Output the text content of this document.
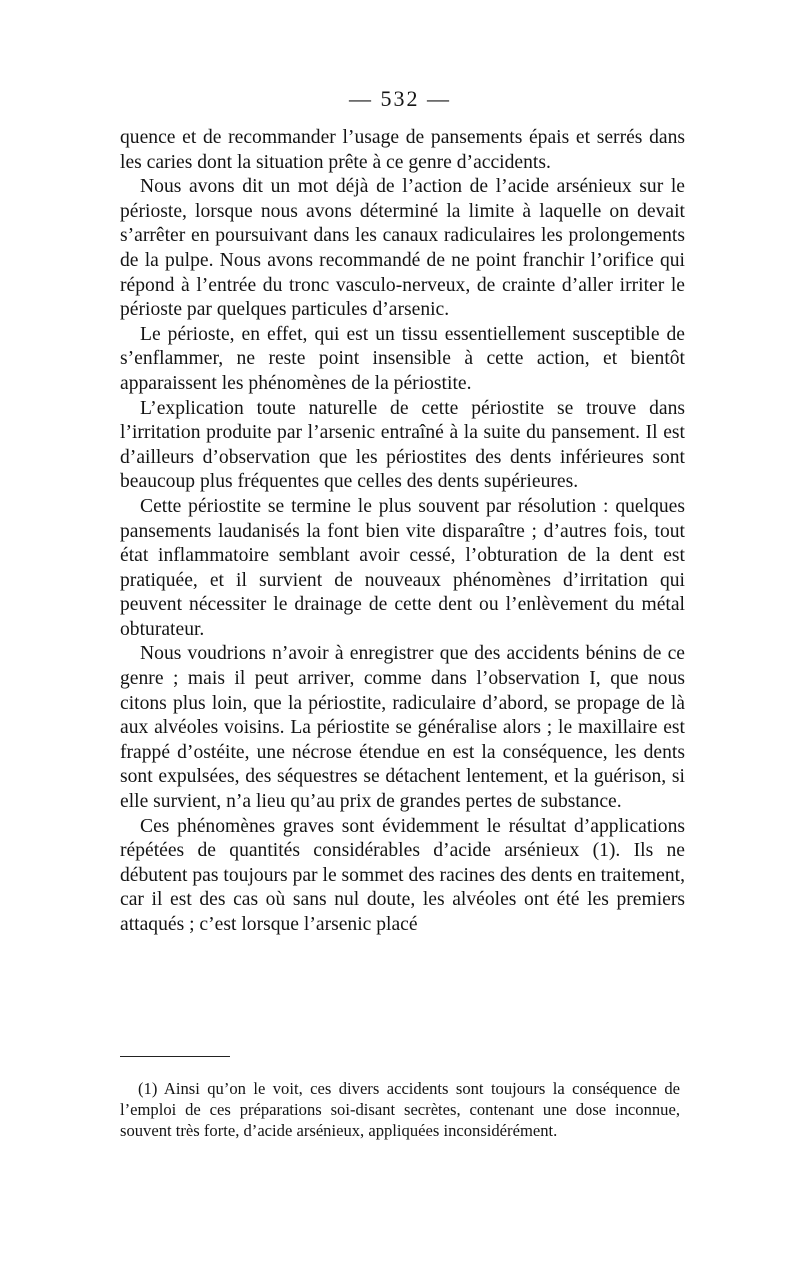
— 532 —

quence et de recommander l’usage de pansements épais et serrés dans les caries dont la situation prête à ce genre d’accidents.

Nous avons dit un mot déjà de l’action de l’acide arsénieux sur le périoste, lorsque nous avons déterminé la limite à laquelle on devait s’arrêter en poursuivant dans les canaux radiculaires les prolongements de la pulpe. Nous avons recommandé de ne point franchir l’orifice qui répond à l’entrée du tronc vasculo-nerveux, de crainte d’aller irriter le périoste par quelques particules d’arsenic.

Le périoste, en effet, qui est un tissu essentiellement susceptible de s’enflammer, ne reste point insensible à cette action, et bientôt apparaissent les phénomènes de la périostite.

L’explication toute naturelle de cette périostite se trouve dans l’irritation produite par l’arsenic entraîné à la suite du pansement. Il est d’ailleurs d’observation que les périostites des dents inférieures sont beaucoup plus fréquentes que celles des dents supérieures.

Cette périostite se termine le plus souvent par résolution : quelques pansements laudanisés la font bien vite disparaître ; d’autres fois, tout état inflammatoire semblant avoir cessé, l’obturation de la dent est pratiquée, et il survient de nouveaux phénomènes d’irritation qui peuvent nécessiter le drainage de cette dent ou l’enlèvement du métal obturateur.

Nous voudrions n’avoir à enregistrer que des accidents bénins de ce genre ; mais il peut arriver, comme dans l’observation I, que nous citons plus loin, que la périostite, radiculaire d’abord, se propage de là aux alvéoles voisins. La périostite se généralise alors ; le maxillaire est frappé d’ostéite, une nécrose étendue en est la conséquence, les dents sont expulsées, des séquestres se détachent lentement, et la guérison, si elle survient, n’a lieu qu’au prix de grandes pertes de substance.

Ces phénomènes graves sont évidemment le résultat d’applications répétées de quantités considérables d’acide arsénieux (1). Ils ne débutent pas toujours par le sommet des racines des dents en traitement, car il est des cas où sans nul doute, les alvéoles ont été les premiers attaqués ; c’est lorsque l’arsenic placé

(1) Ainsi qu’on le voit, ces divers accidents sont toujours la conséquence de l’emploi de ces préparations soi-disant secrètes, contenant une dose inconnue, souvent très forte, d’acide arsénieux, appliquées inconsidérément.
